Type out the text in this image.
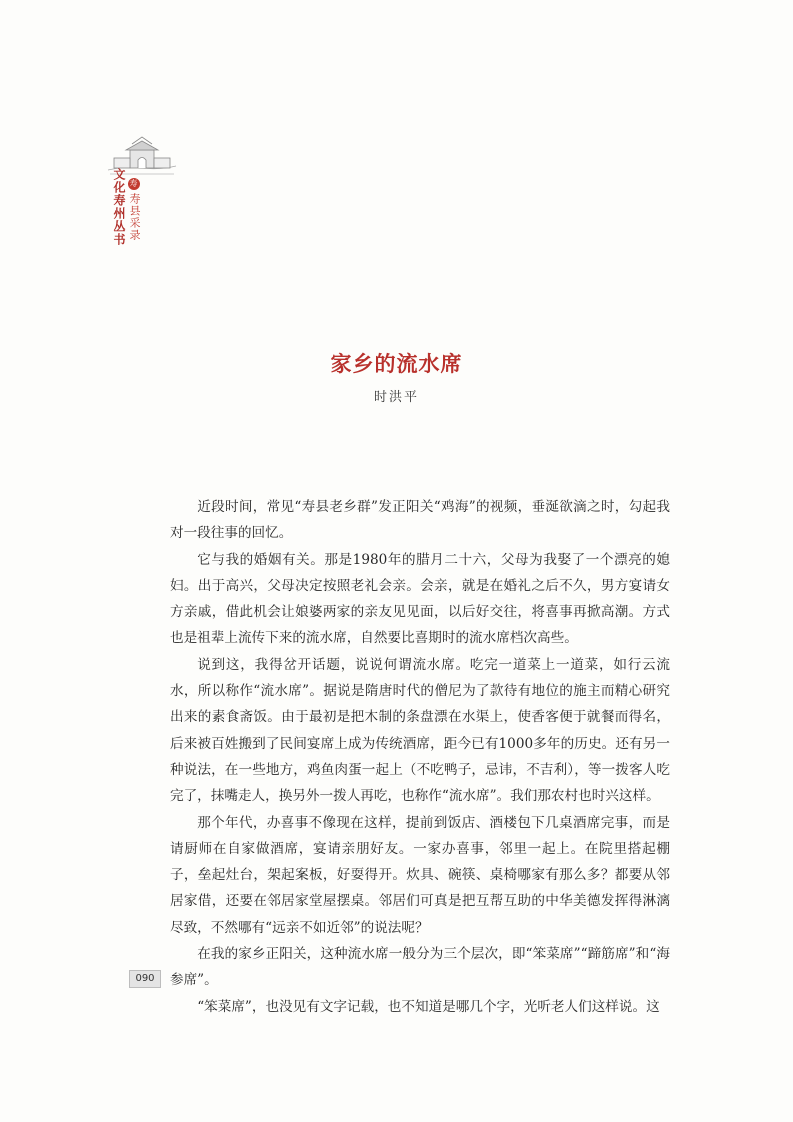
寿寿县采录
文化寿州丛书
家乡的流水席
时洪平

近段时间，常见“寿县老乡群”发正阳关“鸡海”的视频，垂涎欲滴之时，勾起我对一段往事的回忆。

它与我的婚姻有关。那是1980年的腊月二十六，父母为我娶了一个漂亮的媳妇。出于高兴，父母决定按照老礼会亲。会亲，就是在婚礼之后不久，男方宴请女方亲戚，借此机会让娘婆两家的亲友见见面，以后好交往，将喜事再掀高潮。方式也是祖辈上流传下来的流水席，自然要比喜期时的流水席档次高些。

说到这，我得岔开话题，说说何谓流水席。吃完一道菜上一道菜，如行云流水，所以称作“流水席”。据说是隋唐时代的僧尼为了款待有地位的施主而精心研究出来的素食斋饭。由于最初是把木制的条盘漂在水渠上，使香客便于就餐而得名，后来被百姓搬到了民间宴席上成为传统酒席，距今已有1000多年的历史。还有另一种说法，在一些地方，鸡鱼肉蛋一起上（不吃鸭子，忌讳，不吉利），等一拨客人吃完了，抹嘴走人，换另外一拨人再吃，也称作“流水席”。我们那农村也时兴这样。

那个年代，办喜事不像现在这样，提前到饭店、酒楼包下几桌酒席完事，而是请厨师在自家做酒席，宴请亲朋好友。一家办喜事，邻里一起上。在院里搭起棚子，垒起灶台，架起案板，好耍得开。炊具、碗筷、桌椅哪家有那么多？都要从邻居家借，还要在邻居家堂屋摆桌。邻居们可真是把互帮互助的中华美德发挥得淋漓尽致，不然哪有“远亲不如近邻”的说法呢？

在我的家乡正阳关，这种流水席一般分为三个层次，即“笨菜席”“蹄筋席”和“海参席”。

“笨菜席”，也没见有文字记载，也不知道是哪几个字，光听老人们这样说。这

090
